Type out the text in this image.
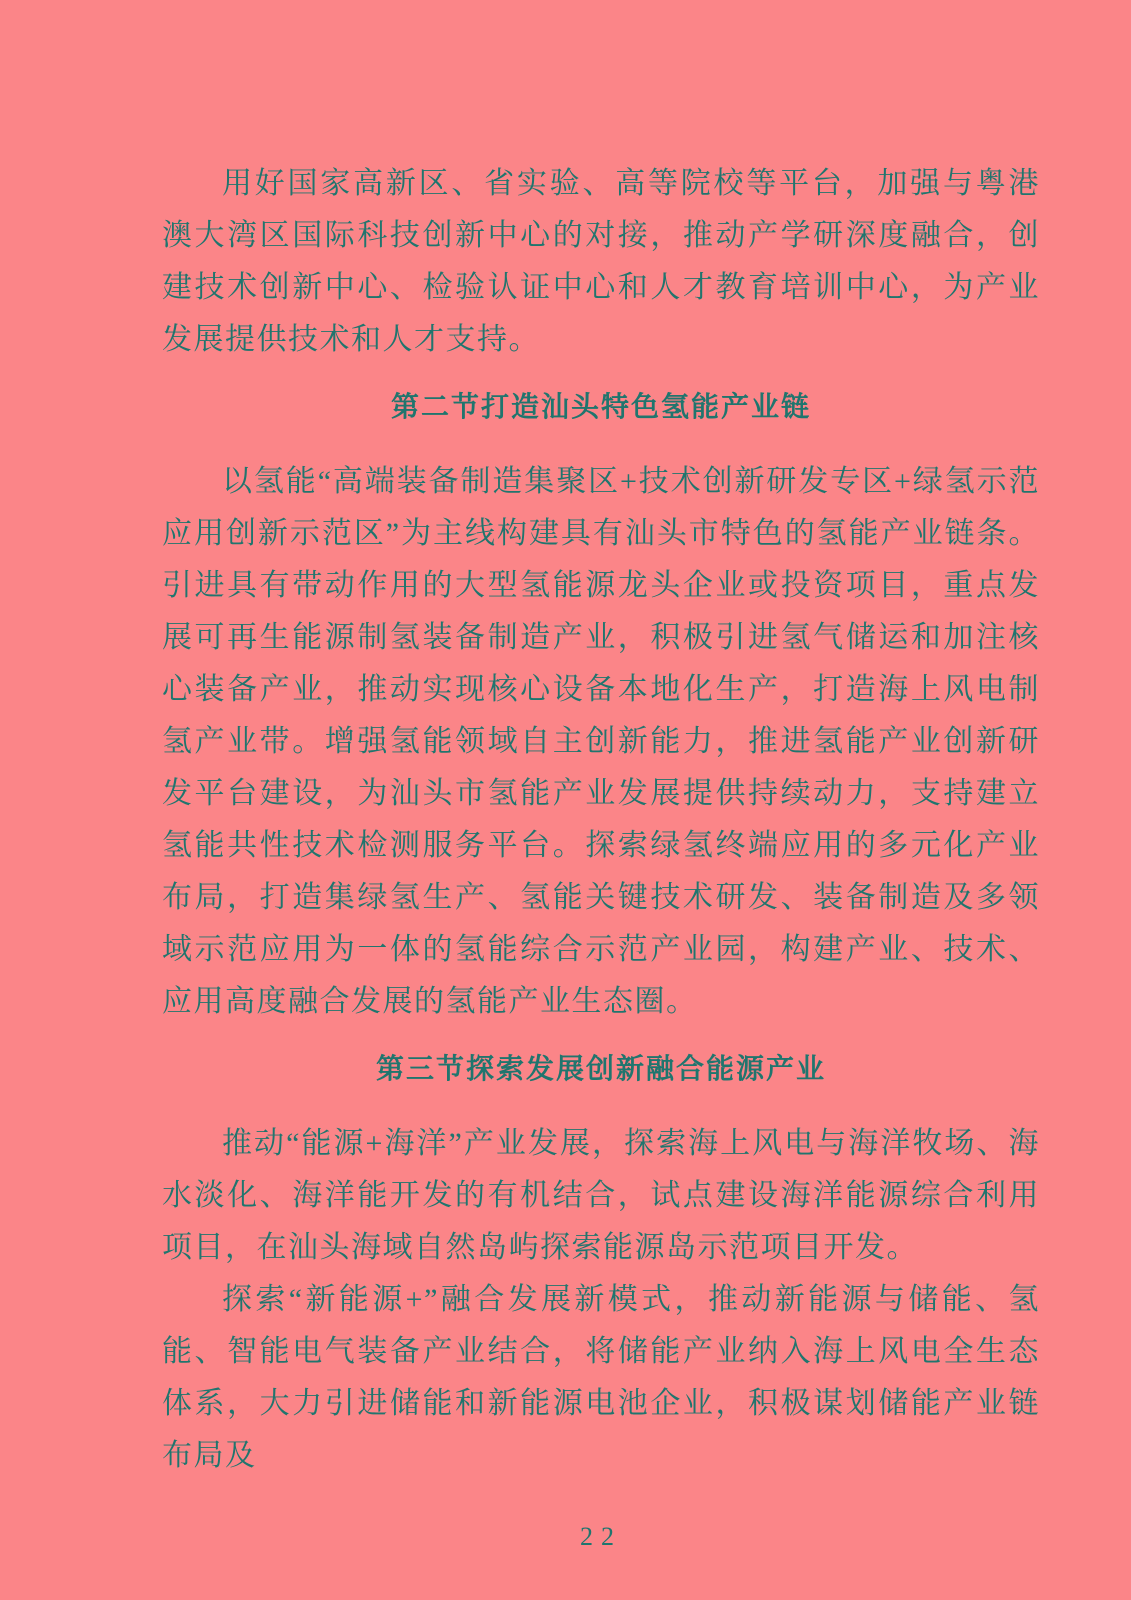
用好国家高新区、省实验、高等院校等平台，加强与粤港澳大湾区国际科技创新中心的对接，推动产学研深度融合，创建技术创新中心、检验认证中心和人才教育培训中心，为产业发展提供技术和人才支持。

第二节打造汕头特色氢能产业链

以氢能“高端装备制造集聚区+技术创新研发专区+绿氢示范应用创新示范区”为主线构建具有汕头市特色的氢能产业链条。引进具有带动作用的大型氢能源龙头企业或投资项目，重点发展可再生能源制氢装备制造产业，积极引进氢气储运和加注核心装备产业，推动实现核心设备本地化生产，打造海上风电制氢产业带。增强氢能领域自主创新能力，推进氢能产业创新研发平台建设，为汕头市氢能产业发展提供持续动力，支持建立氢能共性技术检测服务平台。探索绿氢终端应用的多元化产业布局，打造集绿氢生产、氢能关键技术研发、装备制造及多领域示范应用为一体的氢能综合示范产业园，构建产业、技术、应用高度融合发展的氢能产业生态圈。

第三节探索发展创新融合能源产业

推动“能源+海洋”产业发展，探索海上风电与海洋牧场、海水淡化、海洋能开发的有机结合，试点建设海洋能源综合利用项目，在汕头海域自然岛屿探索能源岛示范项目开发。

探索“新能源+”融合发展新模式，推动新能源与储能、氢能、智能电气装备产业结合，将储能产业纳入海上风电全生态体系，大力引进储能和新能源电池企业，积极谋划储能产业链布局及

22
